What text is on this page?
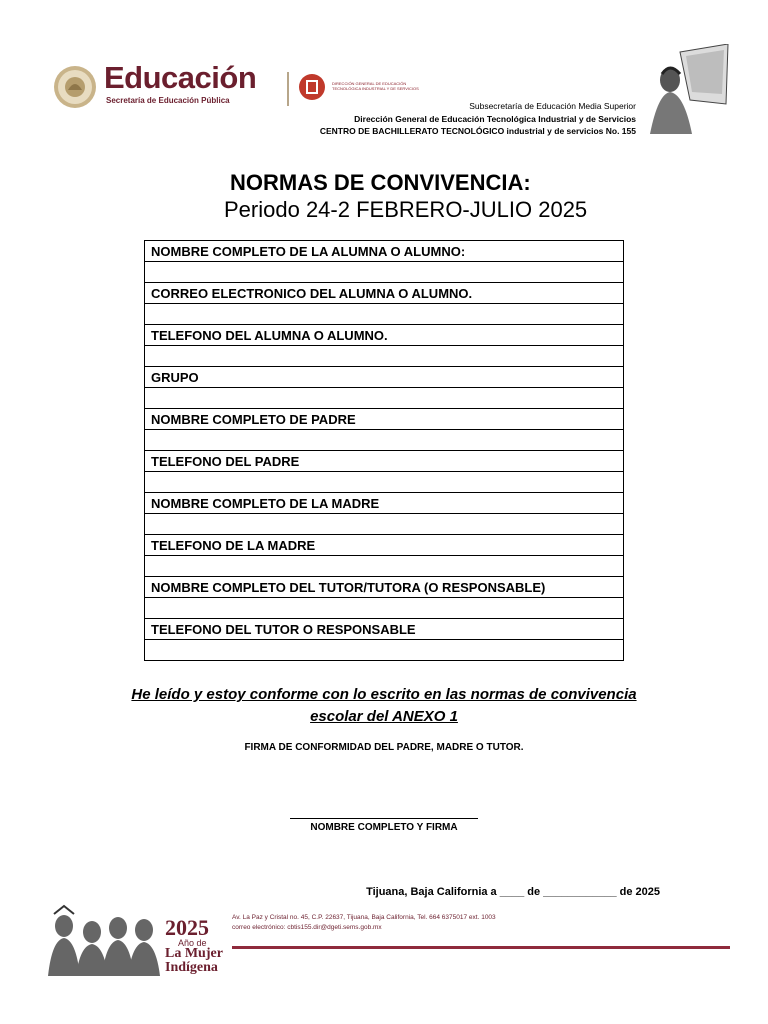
Educación
Secretaría de Educación Pública
DIRECCIÓN GENERAL DE EDUCACIÓN TECNOLÓGICA INDUSTRIAL Y DE SERVICIOS
Subsecretaría de Educación Media Superior
Dirección General de Educación Tecnológica Industrial y de Servicios
CENTRO DE BACHILLERATO TECNOLÓGICO industrial y de servicios No. 155
NORMAS DE CONVIVENCIA:
Periodo 24-2 FEBRERO-JULIO 2025
NOMBRE COMPLETO DE LA ALUMNA O ALUMNO:

CORREO ELECTRONICO DEL ALUMNA O ALUMNO.

TELEFONO DEL ALUMNA O ALUMNO.

GRUPO

NOMBRE COMPLETO DE PADRE

TELEFONO DEL PADRE

NOMBRE COMPLETO DE LA MADRE

TELEFONO DE LA MADRE

NOMBRE COMPLETO DEL TUTOR/TUTORA (O RESPONSABLE)

TELEFONO DEL TUTOR O RESPONSABLE

He leído y estoy conforme con lo escrito en las normas de convivencia
escolar del ANEXO 1
FIRMA DE CONFORMIDAD DEL PADRE, MADRE O TUTOR.
NOMBRE COMPLETO Y FIRMA
Tijuana, Baja California a ____ de ____________ de 2025
2025
Año de
La Mujer
Indígena
Av. La Paz y Cristal no. 45, C.P. 22637, Tijuana, Baja California, Tel. 664 6375017 ext. 1003
correo electrónico: cbtis155.dir@dgeti.sems.gob.mx
